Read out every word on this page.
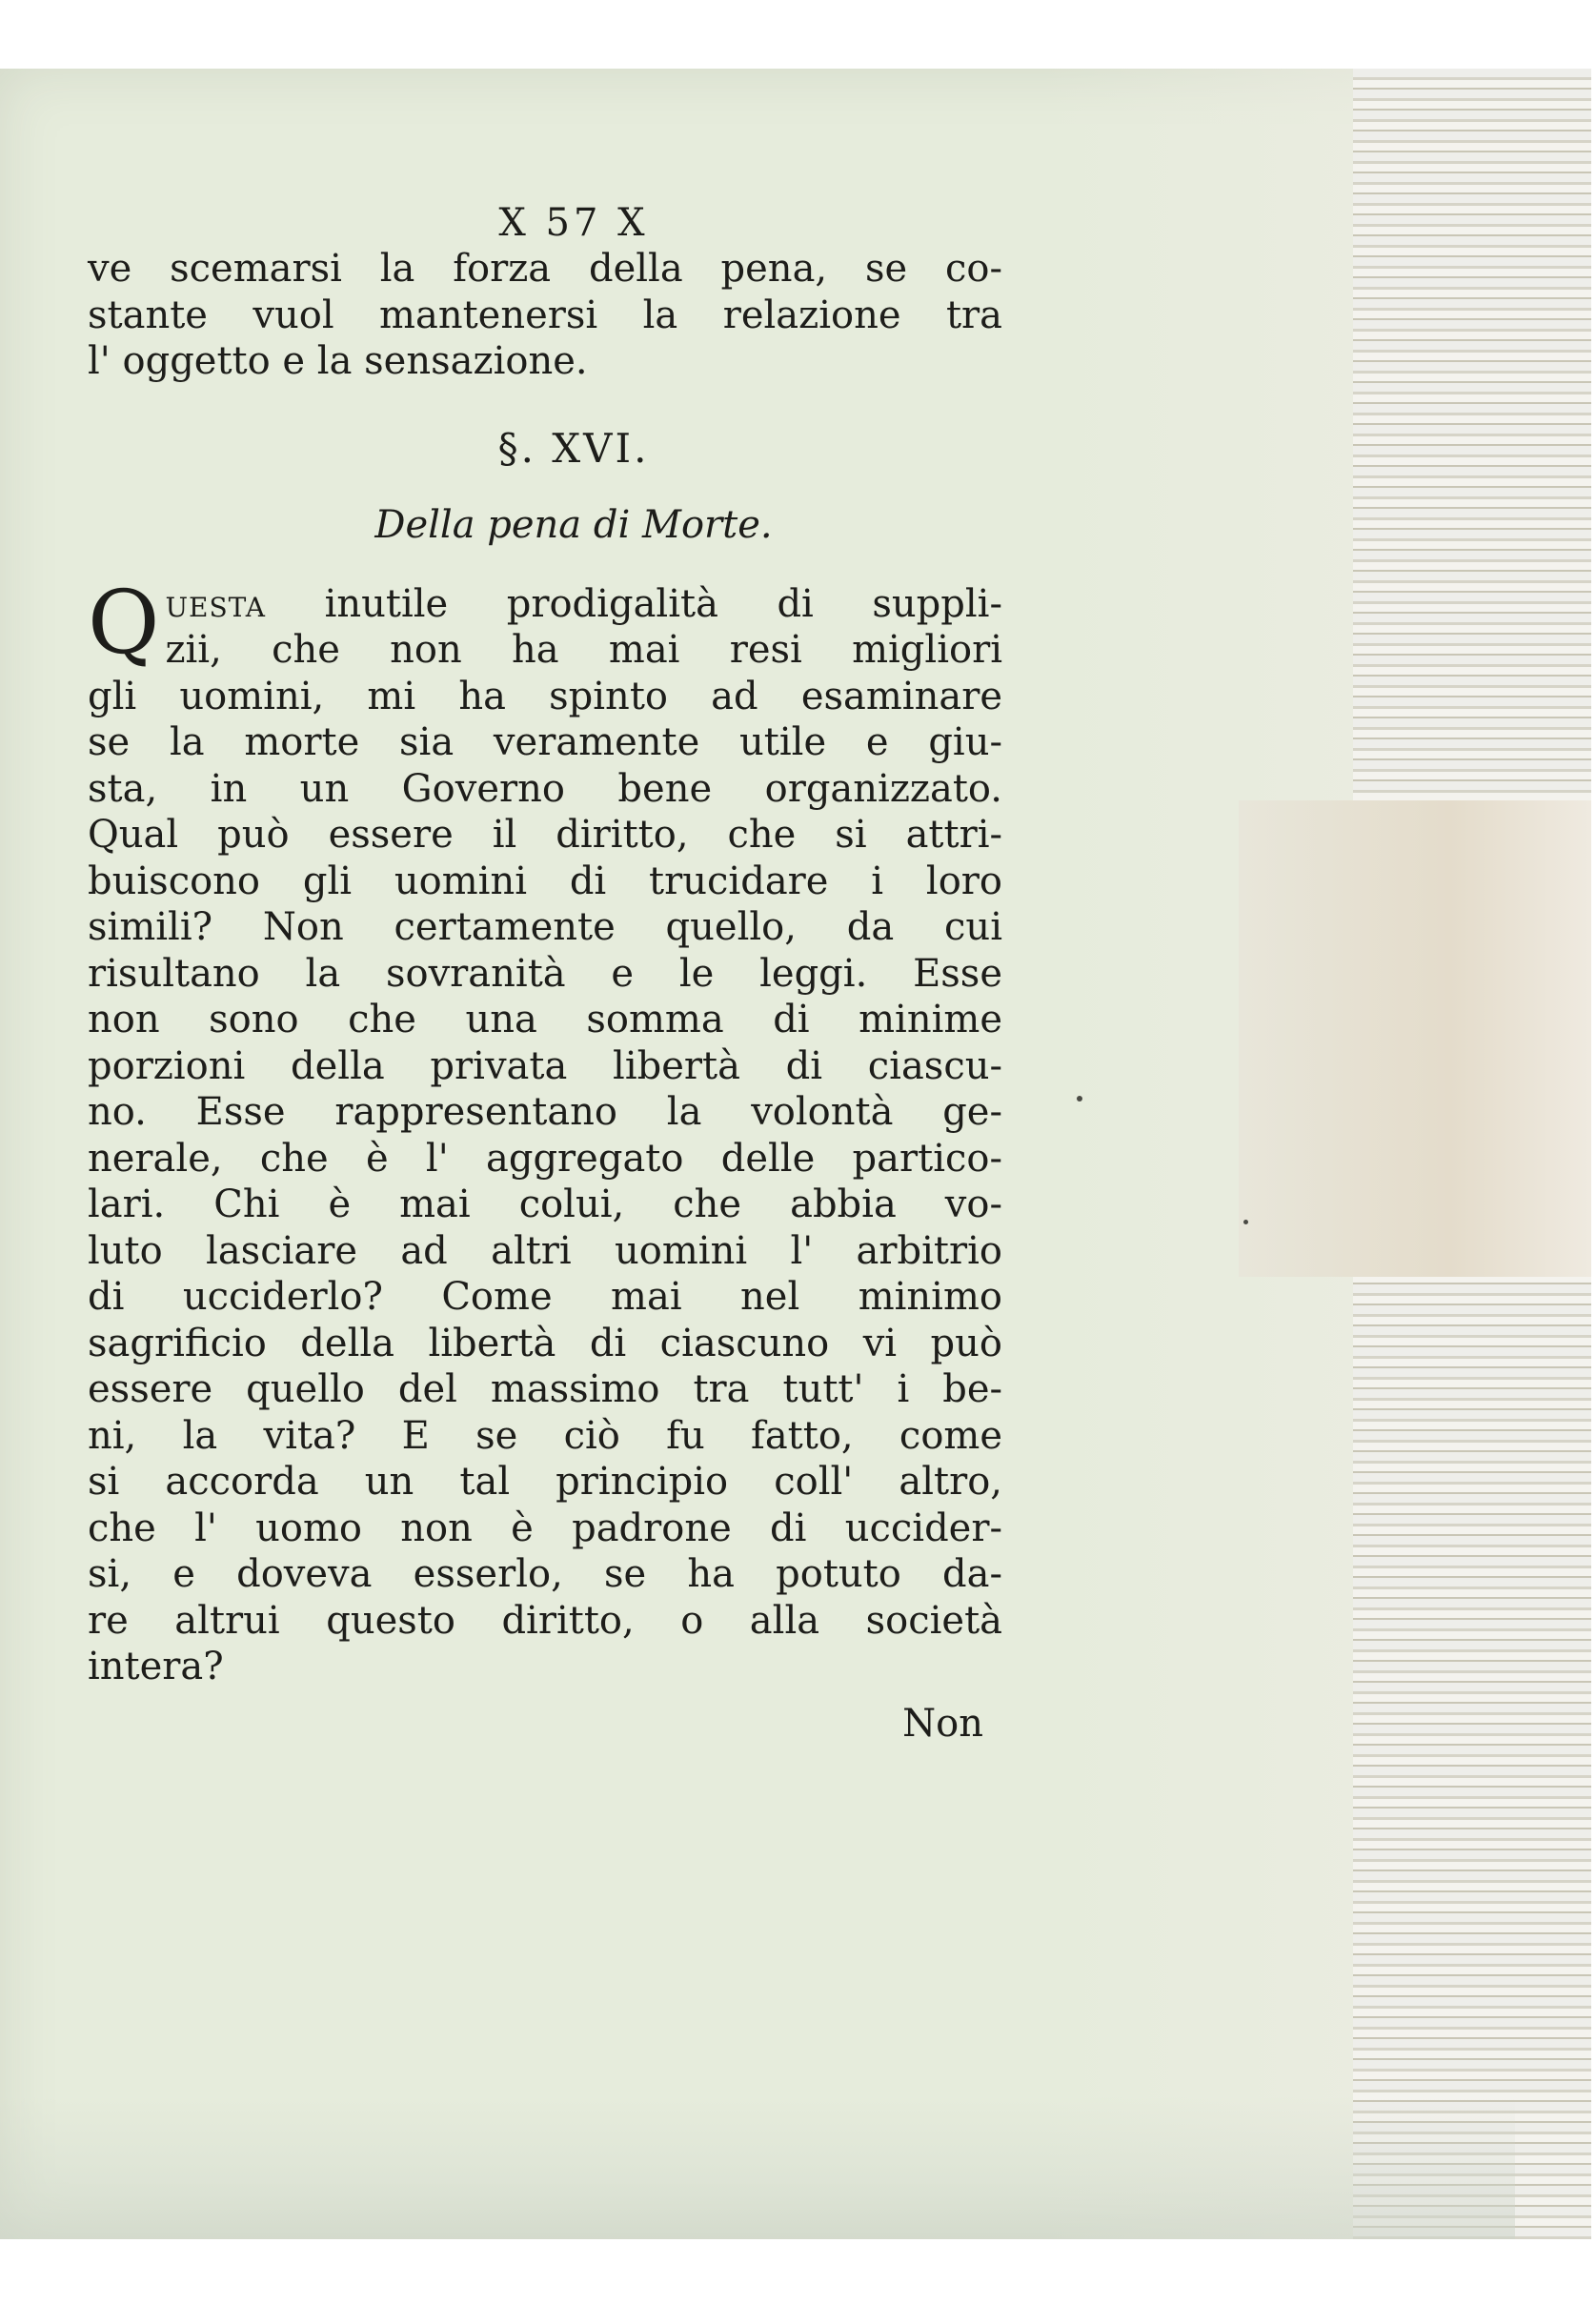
X 57 X
ve scemarsi la forza della pena, se co-
stante vuol mantenersi la relazione tra
l' oggetto e la sensazione.
§. XVI.
Della pena di Morte.
Q uesta inutile prodigalità di suppli-
zii, che non ha mai resi migliori
gli uomini, mi ha spinto ad esaminare
se la morte sia veramente utile e giu-
sta, in un Governo bene organizzato.
Qual può essere il diritto, che si attri-
buiscono gli uomini di trucidare i loro
simili? Non certamente quello, da cui
risultano la sovranità e le leggi. Esse
non sono che una somma di minime
porzioni della privata libertà di ciascu-
no. Esse rappresentano la volontà ge-
nerale, che è l' aggregato delle partico-
lari. Chi è mai colui, che abbia vo-
luto lasciare ad altri uomini l' arbitrio
di ucciderlo? Come mai nel minimo
sagrificio della libertà di ciascuno vi può
essere quello del massimo tra tutt' i be-
ni, la vita? E se ciò fu fatto, come
si accorda un tal principio coll' altro,
che l' uomo non è padrone di uccider-
si, e doveva esserlo, se ha potuto da-
re altrui questo diritto, o alla società
intera?
Non
